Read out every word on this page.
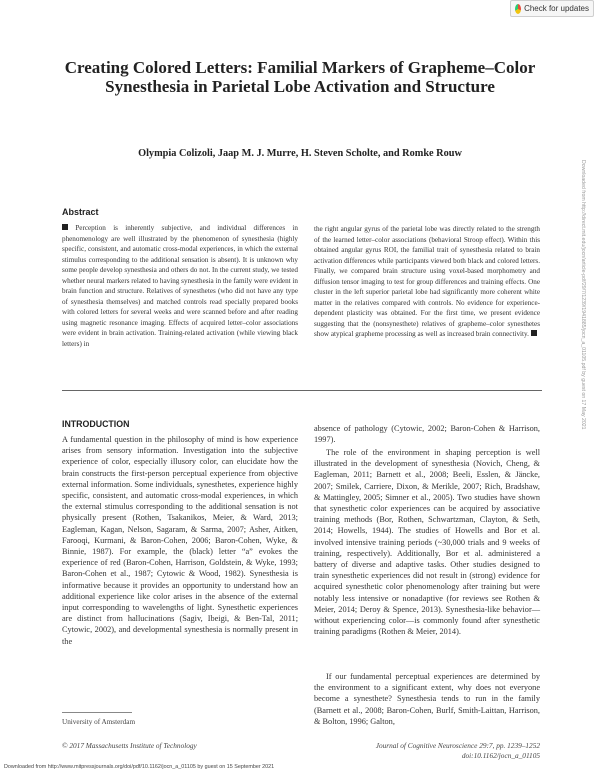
Check for updates
Creating Colored Letters: Familial Markers of Grapheme–Color Synesthesia in Parietal Lobe Activation and Structure
Olympia Colizoli, Jaap M. J. Murre, H. Steven Scholte, and Romke Rouw
Downloaded from http://direct.mit.edu/jocn/article-pdf/29/7/1239/1941885/jocn_a_01105.pdf by guest on 17 May 2021
Abstract

Perception is inherently subjective, and individual differences in phenomenology are well illustrated by the phenomenon of synesthesia (highly specific, consistent, and automatic cross-modal experiences, in which the external stimulus corresponding to the additional sensation is absent). It is unknown why some people develop synesthesia and others do not. In the current study, we tested whether neural markers related to having synesthesia in the family were evident in brain function and structure. Relatives of synesthetes (who did not have any type of synesthesia themselves) and matched controls read specially prepared books with colored letters for several weeks and were scanned before and after reading using magnetic resonance imaging. Effects of acquired letter–color associations were evident in brain activation. Training-related activation (while viewing black letters) in

the right angular gyrus of the parietal lobe was directly related to the strength of the learned letter–color associations (behavioral Stroop effect). Within this obtained angular gyrus ROI, the familial trait of synesthesia related to brain activation differences while participants viewed both black and colored letters. Finally, we compared brain structure using voxel-based morphometry and diffusion tensor imaging to test for group differences and training effects. One cluster in the left superior parietal lobe had significantly more coherent white matter in the relatives compared with controls. No evidence for experience-dependent plasticity was obtained. For the first time, we present evidence suggesting that the (nonsynesthete) relatives of grapheme–color synesthetes show atypical grapheme processing as well as increased brain connectivity.

INTRODUCTION

A fundamental question in the philosophy of mind is how experience arises from sensory information. Investigation into the subjective experience of color, especially illusory color, can elucidate how the brain constructs the first-person perceptual experience from objective external information. Some individuals, synesthetes, experience highly specific, consistent, and automatic cross-modal experiences, in which the external stimulus corresponding to the additional sensation is not physically present (Rothen, Tsakanikos, Meier, & Ward, 2013; Eagleman, Kagan, Nelson, Sagaram, & Sarma, 2007; Asher, Aitken, Farooqi, Kurmani, & Baron-Cohen, 2006; Baron-Cohen, Wyke, & Binnie, 1987). For example, the (black) letter “a” evokes the experience of red (Baron-Cohen, Harrison, Goldstein, & Wyke, 1993; Baron-Cohen et al., 1987; Cytowic & Wood, 1982). Synesthesia is informative because it provides an opportunity to understand how an additional experience like color arises in the absence of the external input corresponding to wavelengths of light. Synesthetic experiences are distinct from hallucinations (Sagiv, Ibeigi, & Ben-Tal, 2011; Cytowic, 2002), and developmental synesthesia is normally present in the

absence of pathology (Cytowic, 2002; Baron-Cohen & Harrison, 1997).

The role of the environment in shaping perception is well illustrated in the development of synesthesia (Novich, Cheng, & Eagleman, 2011; Barnett et al., 2008; Beeli, Esslen, & Jäncke, 2007; Smilek, Carriere, Dixon, & Merikle, 2007; Rich, Bradshaw, & Mattingley, 2005; Simner et al., 2005). Two studies have shown that synesthetic color experiences can be acquired by associative training methods (Bor, Rothen, Schwartzman, Clayton, & Seth, 2014; Howells, 1944). The studies of Howells and Bor et al. involved intensive training periods (~30,000 trials and 9 weeks of training, respectively). Additionally, Bor et al. administered a battery of diverse and adaptive tasks. Other studies designed to train synesthetic experiences did not result in (strong) evidence for acquired synesthetic color phenomenology after training but were notably less intensive or nonadaptive (for reviews see Rothen & Meier, 2014; Deroy & Spence, 2013). Synesthesia-like behavior—without experiencing color—is commonly found after synesthetic training paradigms (Rothen & Meier, 2014).

If our fundamental perceptual experiences are determined by the environment to a significant extent, why does not everyone become a synesthete? Synesthesia tends to run in the family (Barnett et al., 2008; Baron-Cohen, Burlf, Smith-Laittan, Harrison, & Bolton, 1996; Galton,

University of Amsterdam
© 2017 Massachusetts Institute of Technology	Journal of Cognitive Neuroscience 29:7, pp. 1239–1252
doi:10.1162/jocn_a_01105
Downloaded from http://www.mitpressjournals.org/doi/pdf/10.1162/jocn_a_01105 by guest on 15 September 2021
